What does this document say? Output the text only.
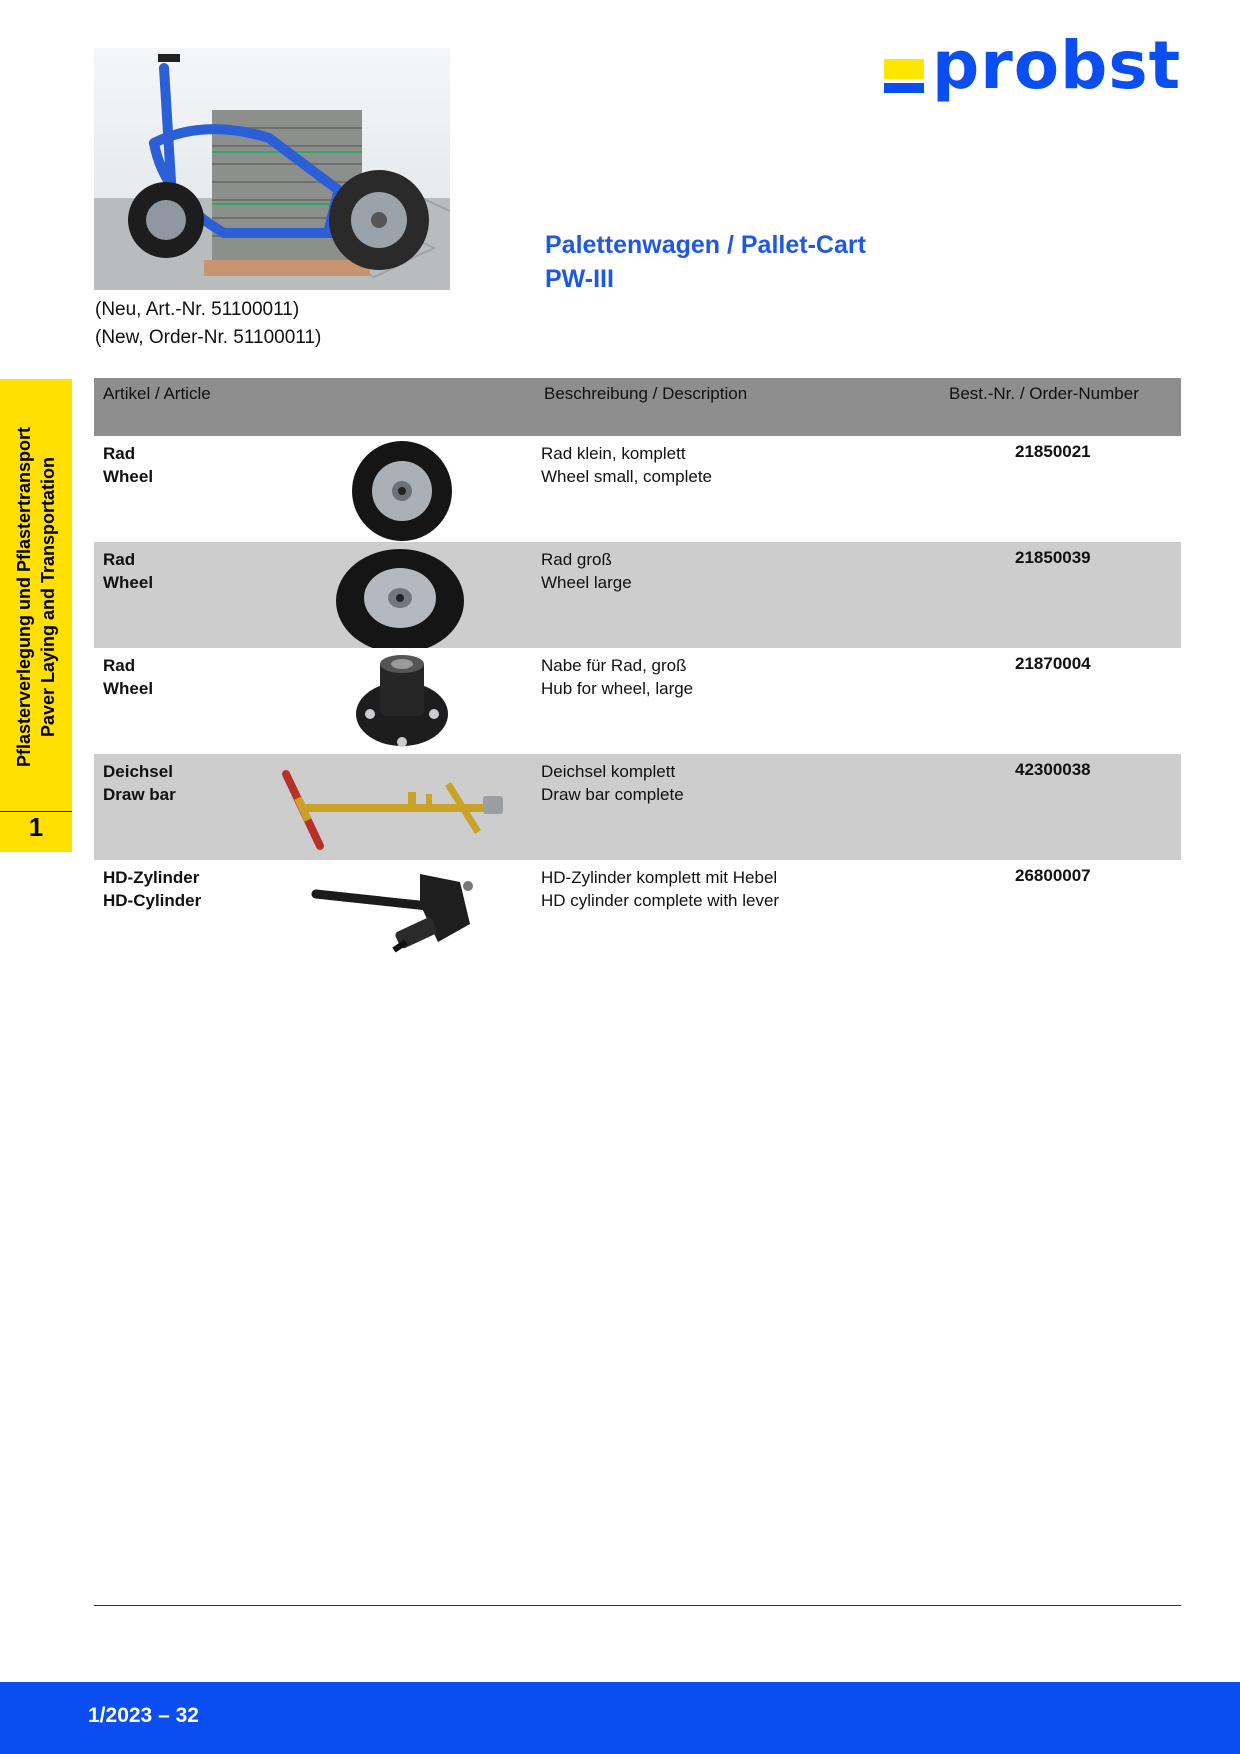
probst
(Neu, Art.-Nr. 51100011)
(New, Order-Nr. 51100011)
Palettenwagen / Pallet-Cart
PW-III
Pflasterverlegung und Pflastertransport Paver Laying and Transportation
1
Artikel / Article	Beschreibung / Description	Best.-Nr. / Order-Number
Rad
Wheel
Rad klein, komplett
Wheel small, complete
21850021
Rad
Wheel
Rad groß
Wheel large
21850039
Rad
Wheel
Nabe für Rad, groß
Hub for wheel, large
21870004
Deichsel
Draw bar
Deichsel komplett
Draw bar complete
42300038
HD-Zylinder
HD-Cylinder
HD-Zylinder komplett mit Hebel
HD cylinder complete with lever
26800007
1/2023 – 32
